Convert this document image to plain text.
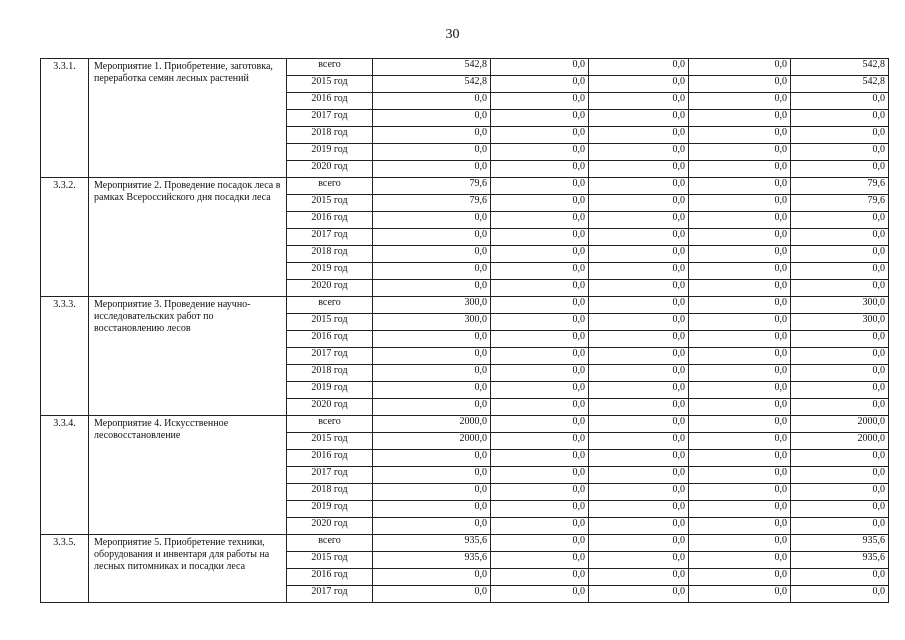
30
3.3.1.	Мероприятие 1. Приобретение, заготовка, переработка семян лесных растений	всего	542,8	0,0	0,0	0,0	542,8
		2015 год	542,8	0,0	0,0	0,0	542,8
		2016 год	0,0	0,0	0,0	0,0	0,0
		2017 год	0,0	0,0	0,0	0,0	0,0
		2018 год	0,0	0,0	0,0	0,0	0,0
		2019 год	0,0	0,0	0,0	0,0	0,0
		2020 год	0,0	0,0	0,0	0,0	0,0
3.3.2.	Мероприятие 2. Проведение посадок леса в рамках Всероссийского дня посадки леса	всего	79,6	0,0	0,0	0,0	79,6
		2015 год	79,6	0,0	0,0	0,0	79,6
		2016 год	0,0	0,0	0,0	0,0	0,0
		2017 год	0,0	0,0	0,0	0,0	0,0
		2018 год	0,0	0,0	0,0	0,0	0,0
		2019 год	0,0	0,0	0,0	0,0	0,0
		2020 год	0,0	0,0	0,0	0,0	0,0
3.3.3.	Мероприятие 3. Проведение научно-исследовательских работ по восстановлению лесов	всего	300,0	0,0	0,0	0,0	300,0
		2015 год	300,0	0,0	0,0	0,0	300,0
		2016 год	0,0	0,0	0,0	0,0	0,0
		2017 год	0,0	0,0	0,0	0,0	0,0
		2018 год	0,0	0,0	0,0	0,0	0,0
		2019 год	0,0	0,0	0,0	0,0	0,0
		2020 год	0,0	0,0	0,0	0,0	0,0
3.3.4.	Мероприятие 4. Искусственное лесовосстановление	всего	2000,0	0,0	0,0	0,0	2000,0
		2015 год	2000,0	0,0	0,0	0,0	2000,0
		2016 год	0,0	0,0	0,0	0,0	0,0
		2017 год	0,0	0,0	0,0	0,0	0,0
		2018 год	0,0	0,0	0,0	0,0	0,0
		2019 год	0,0	0,0	0,0	0,0	0,0
		2020 год	0,0	0,0	0,0	0,0	0,0
3.3.5.	Мероприятие 5. Приобретение техники, оборудования и инвентаря для работы на лесных питомниках и посадки леса	всего	935,6	0,0	0,0	0,0	935,6
		2015 год	935,6	0,0	0,0	0,0	935,6
		2016 год	0,0	0,0	0,0	0,0	0,0
		2017 год	0,0	0,0	0,0	0,0	0,0
